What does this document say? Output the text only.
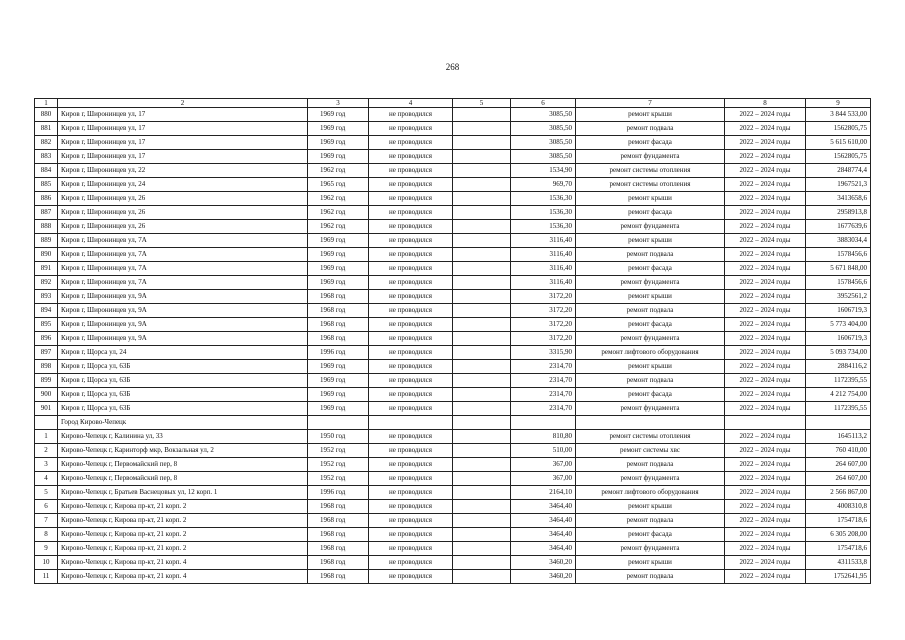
268
1	2	3	4	5	6	7	8	9
880	Киров г, Широнинцев ул, 17	1969 год	не проводился		3085,50	ремонт крыши	2022 – 2024 годы	3 844 533,00
881	Киров г, Широнинцев ул, 17	1969 год	не проводился		3085,50	ремонт подвала	2022 – 2024 годы	1562805,75
882	Киров г, Широнинцев ул, 17	1969 год	не проводился		3085,50	ремонт фасада	2022 – 2024 годы	5 615 610,00
883	Киров г, Широнинцев ул, 17	1969 год	не проводился		3085,50	ремонт фундамента	2022 – 2024 годы	1562805,75
884	Киров г, Широнинцев ул, 22	1962 год	не проводился		1534,90	ремонт системы отопления	2022 – 2024 годы	2848774,4
885	Киров г, Широнинцев ул, 24	1965 год	не проводился		969,70	ремонт системы отопления	2022 – 2024 годы	1967521,3
886	Киров г, Широнинцев ул, 26	1962 год	не проводился		1536,30	ремонт крыши	2022 – 2024 годы	3413658,6
887	Киров г, Широнинцев ул, 26	1962 год	не проводился		1536,30	ремонт фасада	2022 – 2024 годы	2958913,8
888	Киров г, Широнинцев ул, 26	1962 год	не проводился		1536,30	ремонт фундамента	2022 – 2024 годы	1677639,6
889	Киров г, Широнинцев ул, 7А	1969 год	не проводился		3116,40	ремонт крыши	2022 – 2024 годы	3883034,4
890	Киров г, Широнинцев ул, 7А	1969 год	не проводился		3116,40	ремонт подвала	2022 – 2024 годы	1578456,6
891	Киров г, Широнинцев ул, 7А	1969 год	не проводился		3116,40	ремонт фасада	2022 – 2024 годы	5 671 848,00
892	Киров г, Широнинцев ул, 7А	1969 год	не проводился		3116,40	ремонт фундамента	2022 – 2024 годы	1578456,6
893	Киров г, Широнинцев ул, 9А	1968 год	не проводился		3172,20	ремонт крыши	2022 – 2024 годы	3952561,2
894	Киров г, Широнинцев ул, 9А	1968 год	не проводился		3172,20	ремонт подвала	2022 – 2024 годы	1606719,3
895	Киров г, Широнинцев ул, 9А	1968 год	не проводился		3172,20	ремонт фасада	2022 – 2024 годы	5 773 404,00
896	Киров г, Широнинцев ул, 9А	1968 год	не проводился		3172,20	ремонт фундамента	2022 – 2024 годы	1606719,3
897	Киров г, Щорса ул, 24	1996 год	не проводился		3315,90	ремонт лифтового оборудования	2022 – 2024 годы	5 093 734,00
898	Киров г, Щорса ул, 63Б	1969 год	не проводился		2314,70	ремонт крыши	2022 – 2024 годы	2884116,2
899	Киров г, Щорса ул, 63Б	1969 год	не проводился		2314,70	ремонт подвала	2022 – 2024 годы	1172395,55
900	Киров г, Щорса ул, 63Б	1969 год	не проводился		2314,70	ремонт фасада	2022 – 2024 годы	4 212 754,00
901	Киров г, Щорса ул, 63Б	1969 год	не проводился		2314,70	ремонт фундамента	2022 – 2024 годы	1172395,55
	Город Кирово-Чепецк							
1	Кирово-Чепецк г, Калинина ул, 33	1950 год	не проводился		810,80	ремонт системы отопления	2022 – 2024 годы	1645113,2
2	Кирово-Чепецк г, Каринторф мкр, Вокзальная ул, 2	1952 год	не проводился		510,00	ремонт системы хвс	2022 – 2024 годы	760 410,00
3	Кирово-Чепецк г, Первомайский пер, 8	1952 год	не проводился		367,00	ремонт подвала	2022 – 2024 годы	264 607,00
4	Кирово-Чепецк г, Первомайский пер, 8	1952 год	не проводился		367,00	ремонт фундамента	2022 – 2024 годы	264 607,00
5	Кирово-Чепецк г, Братьев Васнецовых ул, 12 корп. 1	1996 год	не проводился		2164,10	ремонт лифтового оборудования	2022 – 2024 годы	2 566 867,00
6	Кирово-Чепецк г, Кирова пр-кт, 21 корп. 2	1968 год	не проводился		3464,40	ремонт крыши	2022 – 2024 годы	4008310,8
7	Кирово-Чепецк г, Кирова пр-кт, 21 корп. 2	1968 год	не проводился		3464,40	ремонт подвала	2022 – 2024 годы	1754718,6
8	Кирово-Чепецк г, Кирова пр-кт, 21 корп. 2	1968 год	не проводился		3464,40	ремонт фасада	2022 – 2024 годы	6 305 208,00
9	Кирово-Чепецк г, Кирова пр-кт, 21 корп. 2	1968 год	не проводился		3464,40	ремонт фундамента	2022 – 2024 годы	1754718,6
10	Кирово-Чепецк г, Кирова пр-кт, 21 корп. 4	1968 год	не проводился		3460,20	ремонт крыши	2022 – 2024 годы	4311533,8
11	Кирово-Чепецк г, Кирова пр-кт, 21 корп. 4	1968 год	не проводился		3460,20	ремонт подвала	2022 – 2024 годы	1752641,95
